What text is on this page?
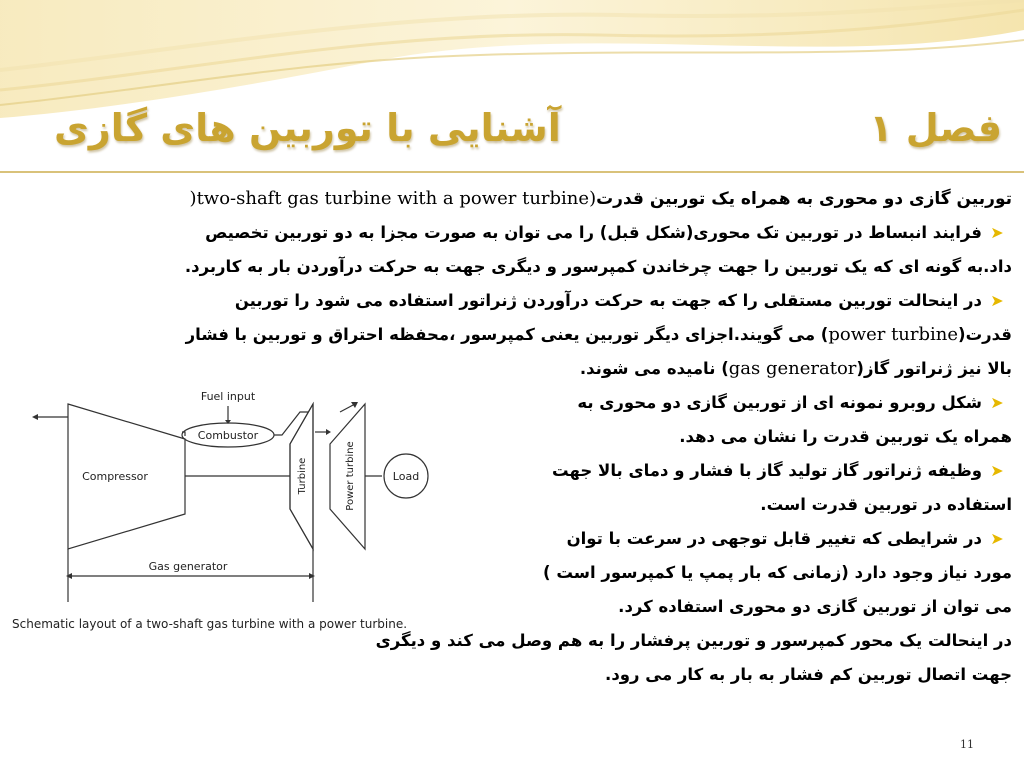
آشنایی با توربین های گازی	فصل ۱
توربین گازی دو محوری به همراه یک توربین قدرت(two-shaft gas turbine with a power turbine(
➤فرایند انبساط در توربین تک محوری(شکل قبل) را می توان به صورت مجزا به دو توربین تخصیص
داد.به گونه ای که یک توربین را جهت چرخاندن کمپرسور و دیگری جهت به حرکت درآوردن بار به کاربرد.
➤در اینحالت توربین مستقلی را که جهت به حرکت درآوردن ژنراتور استفاده می شود را توربین
قدرت(power turbine) می گویند.اجزای دیگر توربین یعنی کمپرسور ،محفظه احتراق و توربین با فشار
بالا نیز ژنراتور گاز(gas generator) نامیده می شوند.
➤شکل روبرو نمونه ای از توربین گازی دو محوری به
همراه یک توربین قدرت را نشان می دهد.
➤وظیفه ژنراتور گاز تولید گاز با فشار و دمای بالا جهت
استفاده در توربین قدرت است.
➤در شرایطی که تغییر قابل توجهی در سرعت با توان
مورد نیاز وجود دارد (زمانی که بار پمپ یا کمپرسور است )
می توان از توربین گازی دو محوری استفاده کرد.
در اینحالت یک محور کمپرسور و توربین پرفشار را به هم وصل می کند و دیگری
جهت اتصال توربین کم فشار به بار به کار می رود.
Fuel input
Combustor
Compressor	Turbine	Power turbine	Load
Gas generator
Schematic layout of a two-shaft gas turbine with a power turbine.
11
